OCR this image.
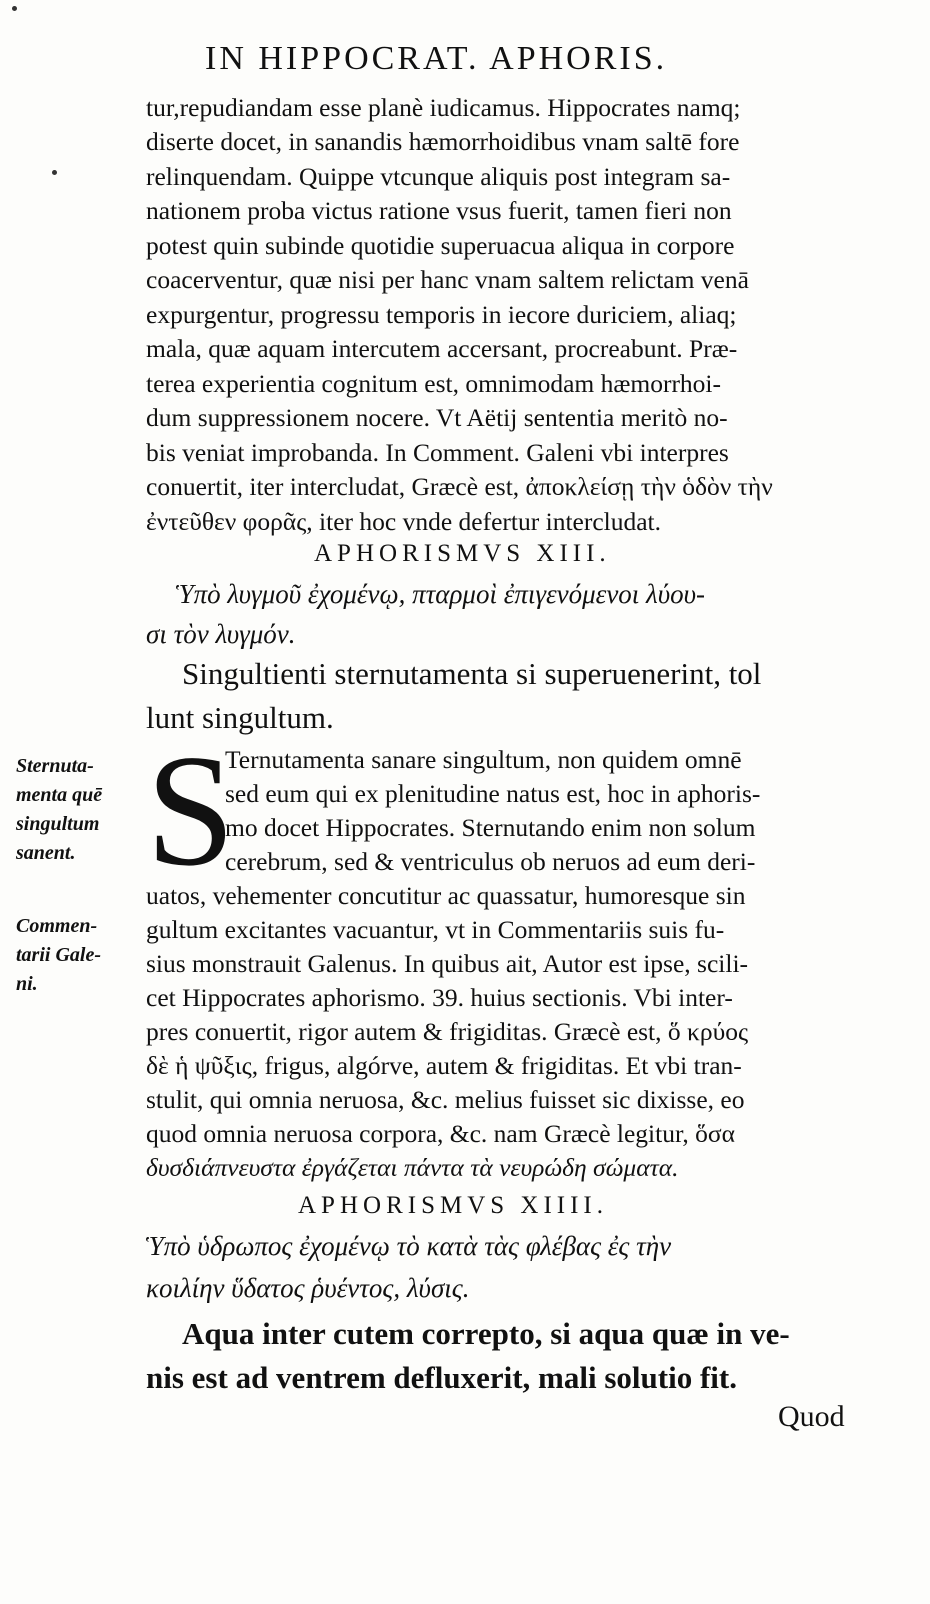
IN HIPPOCRAT. APHORIS.
tur,repudiandam esse planè iudicamus. Hippocrates namq;
diserte docet, in sanandis hæmorrhoidibus vnam saltē fore
relinquendam. Quippe vtcunque aliquis post integram sa-
nationem proba victus ratione vsus fuerit, tamen fieri non
potest quin subinde quotidie superuacua aliqua in corpore
coacerventur, quæ nisi per hanc vnam saltem relictam venā
expurgentur, progressu temporis in iecore duriciem, aliaq;
mala, quæ aquam intercutem accersant, procreabunt. Præ-
terea experientia cognitum est, omnimodam hæmorrhoi-
dum suppressionem nocere. Vt Aëtij sententia meritò no-
bis veniat improbanda. In Comment. Galeni vbi interpres
conuertit, iter intercludat, Græcè est, ἀποκλείσῃ τὴν ὁδὸν τὴν
ἐντεῦθεν φορᾶς, iter hoc vnde defertur intercludat.
APHORISMVS XIII.
Ὑπὸ λυγμοῦ ἐχομένῳ, πταρμοὶ ἐπιγενόμενοι λύου-
σι τὸν λυγμόν.
Singultienti sternutamenta si superuenerint, tol
lunt singultum.
Sternuta-
menta quē
singultum
sanent.
Commen-
tarii Gale-
ni.
S
Ternutamenta sanare singultum, non quidem omnē
sed eum qui ex plenitudine natus est, hoc in aphoris-
mo docet Hippocrates. Sternutando enim non solum
cerebrum, sed & ventriculus ob neruos ad eum deri-
uatos, vehementer concutitur ac quassatur, humoresque sin
gultum excitantes vacuantur, vt in Commentariis suis fu-
sius monstrauit Galenus. In quibus ait, Autor est ipse, scili-
cet Hippocrates aphorismo. 39. huius sectionis. Vbi inter-
pres conuertit, rigor autem & frigiditas. Græcè est, ὅ κρύος
δὲ ἡ ψῦξις, frigus, algórve, autem & frigiditas. Et vbi tran-
stulit, qui omnia neruosa, &c. melius fuisset sic dixisse, eo
quod omnia neruosa corpora, &c. nam Græcè legitur, ὅσα
δυσδιάπνευστα ἐργάζεται πάντα τὰ νευρώδη σώματα.
APHORISMVS XIIII.
Ὑπὸ ὑδρωπος ἐχομένῳ τὸ κατὰ τὰς φλέβας ἐς τὴν
κοιλίην ὕδατος ῥυέντος, λύσις.
Aqua inter cutem correpto, si aqua quæ in ve-
nis est ad ventrem defluxerit, mali solutio fit.
Quod
